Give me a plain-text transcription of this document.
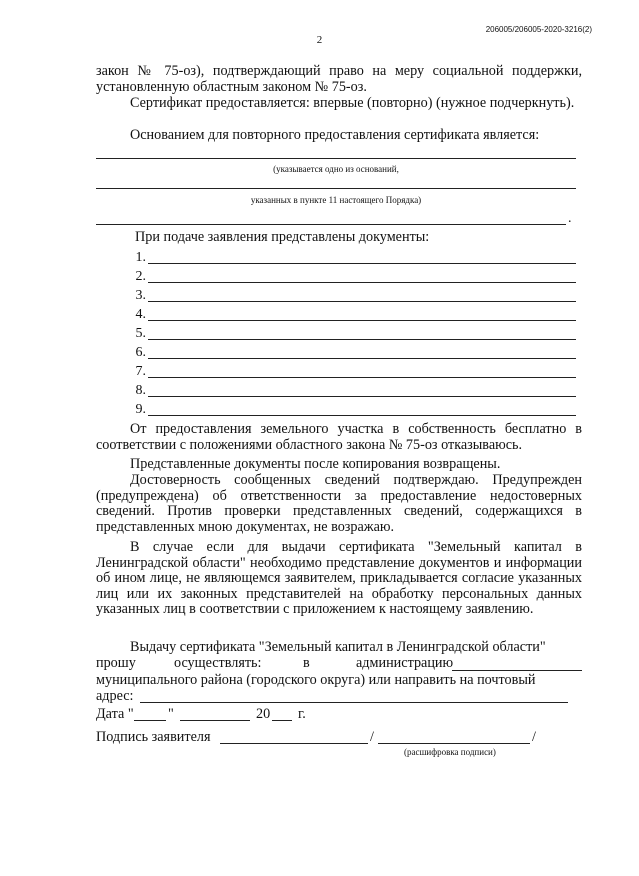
206005/206005-2020-3216(2)
2
закон № 75-оз), подтверждающий право на меру социальной поддержки, установленную областным законом № 75-оз.
Сертификат предоставляется: впервые (повторно) (нужное подчеркнуть).
Основанием для повторного предоставления сертификата является:
(указывается одно из оснований,
указанных в пункте 11 настоящего Порядка)
.
При подаче заявления представлены документы:
1.
2.
3.
4.
5.
6.
7.
8.
9.
От предоставления земельного участка в собственность бесплатно в соответствии с положениями областного закона № 75-оз отказываюсь.
Представленные документы после копирования возвращены.
Достоверность сообщенных сведений подтверждаю. Предупрежден (предупреждена) об ответственности за предоставление недостоверных сведений. Против проверки представленных сведений, содержащихся в представленных мною документах, не возражаю.
В случае если для выдачи сертификата "Земельный капитал в Ленинградской области" необходимо представление документов и информации об ином лице, не являющемся заявителем, прикладывается согласие указанных лиц или их законных представителей на обработку персональных данных указанных лиц в соответствии с приложением к настоящему заявлению.
Выдачу сертификата "Земельный капитал в Ленинградской области"
прошу	осуществлять:	в	администрацию
муниципального района (городского округа) или направить на почтовый
адрес:
Дата " "	20 г.
Подпись заявителя	/	/
(расшифровка подписи)
